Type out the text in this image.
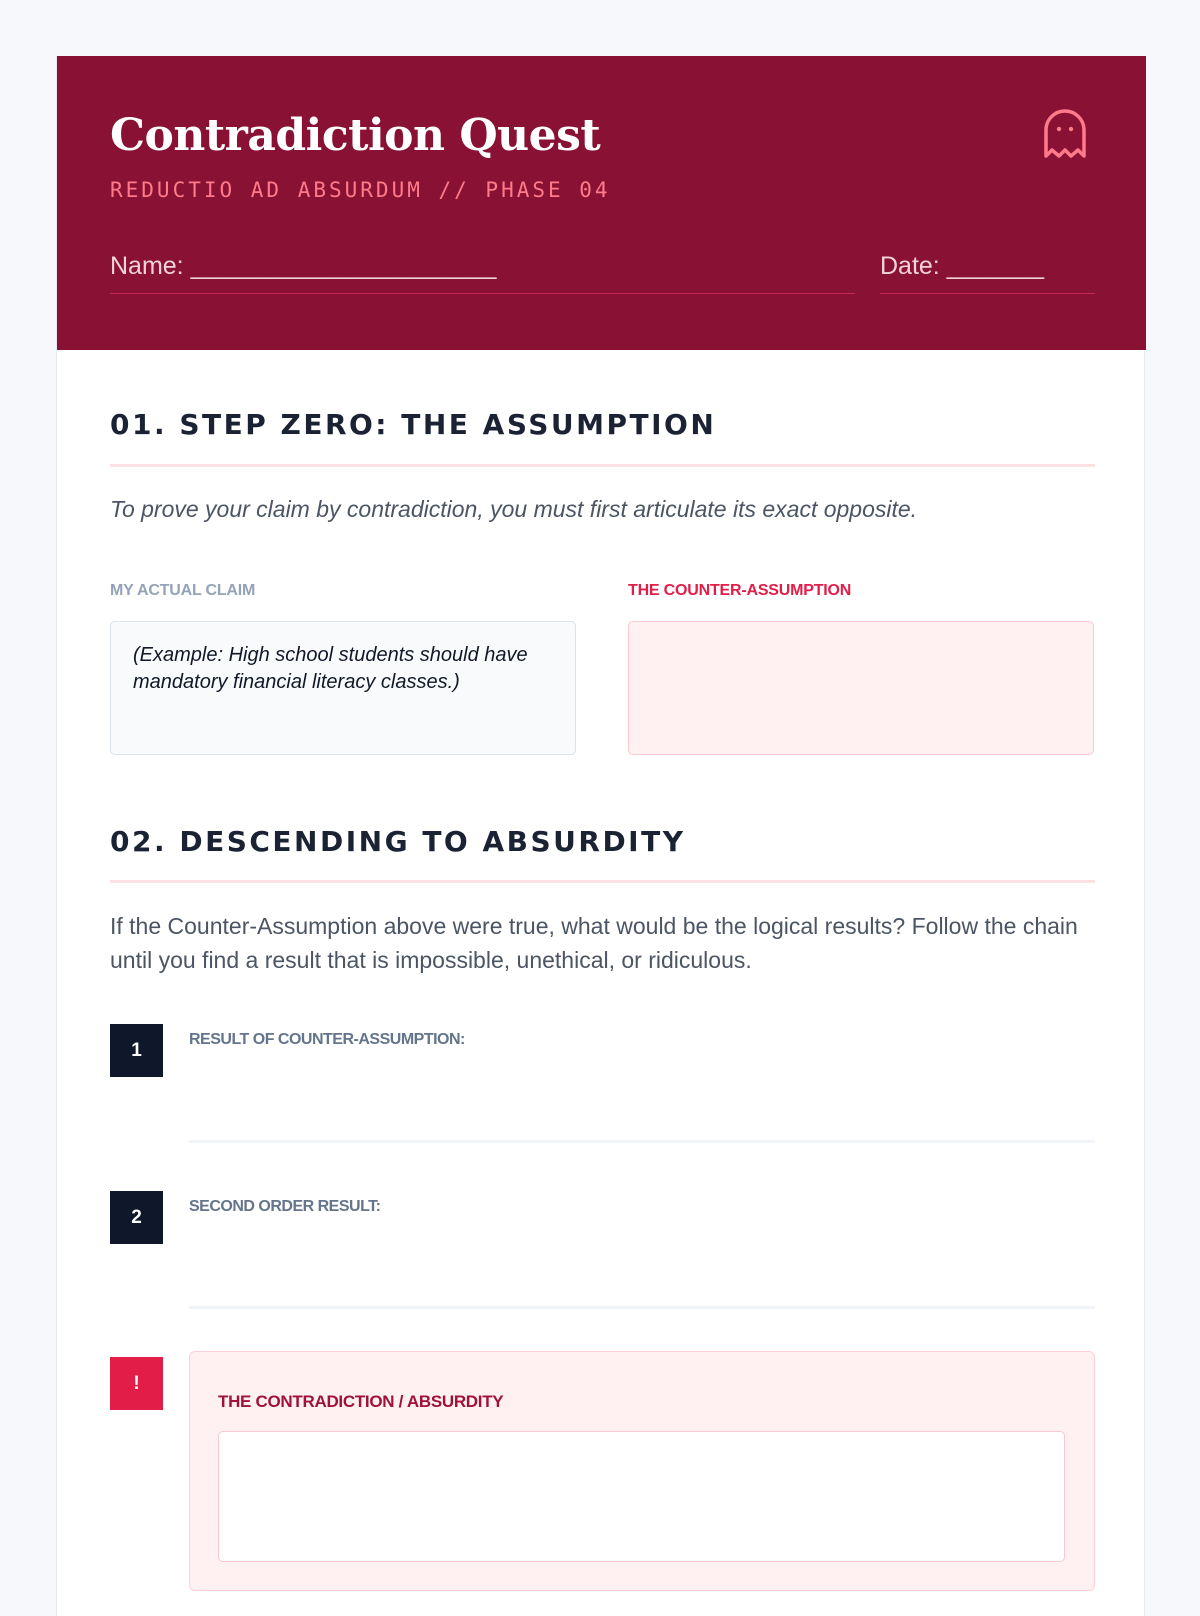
Contradiction Quest
REDUCTIO AD ABSURDUM // PHASE 04
Name: ______________________	Date: _______
01. STEP ZERO: THE ASSUMPTION
To prove your claim by contradiction, you must first articulate its exact opposite.
MY ACTUAL CLAIM	THE COUNTER-ASSUMPTION
(Example: High school students should have mandatory financial literacy classes.)
02. DESCENDING TO ABSURDITY
If the Counter-Assumption above were true, what would be the logical results? Follow the chain until you find a result that is impossible, unethical, or ridiculous.
1	RESULT OF COUNTER-ASSUMPTION:
2	SECOND ORDER RESULT:
!
THE CONTRADICTION / ABSURDITY
